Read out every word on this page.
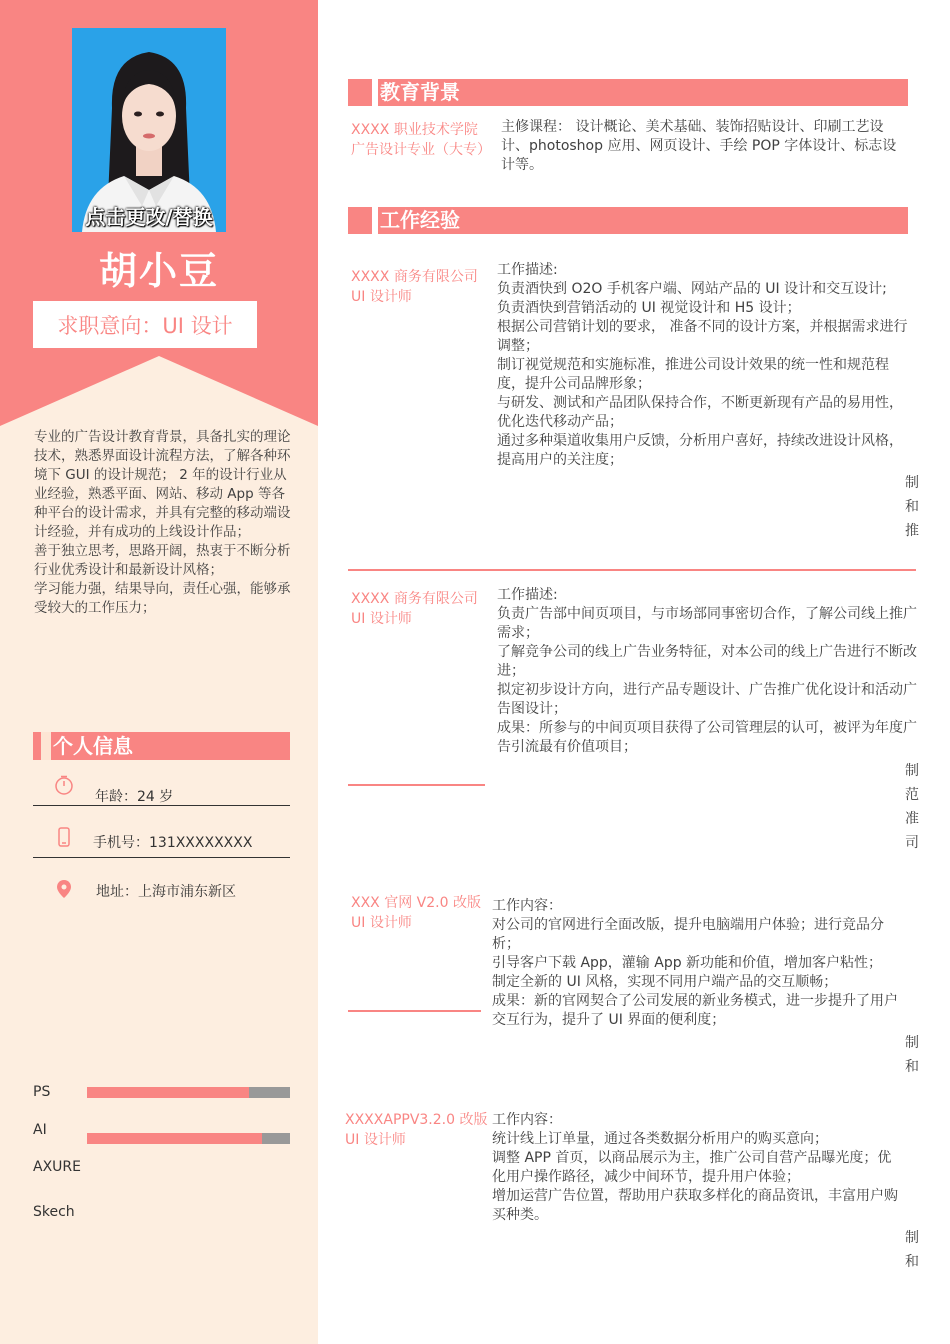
点击更改/替换
胡小豆
求职意向：UI 设计

专业的广告设计教育背景，具备扎实的理论技术，熟悉界面设计流程方法，了解各种环境下 GUI 的设计规范； 2 年的设计行业从业经验，熟悉平面、网站、移动 App 等各种平台的设计需求，并具有完整的移动端设计经验，并有成功的上线设计作品；

善于独立思考，思路开阔，热衷于不断分析行业优秀设计和最新设计风格；

学习能力强，结果导向，责任心强，能够承受较大的工作压力；

个人信息
年龄：24 岁
手机号：131XXXXXXXX
地址：上海市浦东新区
PS
AI
AXURE
Skech
教育背景
XXXX 职业技术学院
广告设计专业（大专）
主修课程： 设计概论、美术基础、装饰招贴设计、印刷工艺设计、photoshop 应用、网页设计、手绘 POP 字体设计、标志设计等。
工作经验
XXXX 商务有限公司
UI 设计师

工作描述:

负责酒快到 O2O 手机客户端、网站产品的 UI 设计和交互设计;

负责酒快到营销活动的 UI 视觉设计和 H5 设计；

根据公司营销计划的要求， 准备不同的设计方案，并根据需求进行调整；

制订视觉规范和实施标准，推进公司设计效果的统一性和规范程度，提升公司品牌形象；

与研发、测试和产品团队保持合作，不断更新现有产品的易用性，优化迭代移动产品；

通过多种渠道收集用户反馈，分析用户喜好，持续改进设计风格，提高用户的关注度；

制
和
推
XXXX 商务有限公司
UI 设计师

工作描述:

负责广告部中间页项目，与市场部同事密切合作，了解公司线上推广需求；

了解竞争公司的线上广告业务特征，对本公司的线上广告进行不断改进；

拟定初步设计方向，进行产品专题设计、广告推广优化设计和活动广告图设计；

成果：所参与的中间页项目获得了公司管理层的认可，被评为年度广告引流最有价值项目；

制
范
准
司
XXX 官网 V2.0 改版
UI 设计师

工作内容：

对公司的官网进行全面改版，提升电脑端用户体验；进行竞品分析；

引导客户下载 App，灌输 App 新功能和价值，增加客户粘性；

制定全新的 UI 风格，实现不同用户端产品的交互顺畅；

成果：新的官网契合了公司发展的新业务模式，进一步提升了用户交互行为，提升了 UI 界面的便利度；

制
和
XXXXAPPV3.2.0 改版
UI 设计师

工作内容：

统计线上订单量，通过各类数据分析用户的购买意向；

调整 APP 首页，以商品展示为主，推广公司自营产品曝光度；优化用户操作路径，减少中间环节，提升用户体验；

增加运营广告位置，帮助用户获取多样化的商品资讯，丰富用户购买种类。

制
和
